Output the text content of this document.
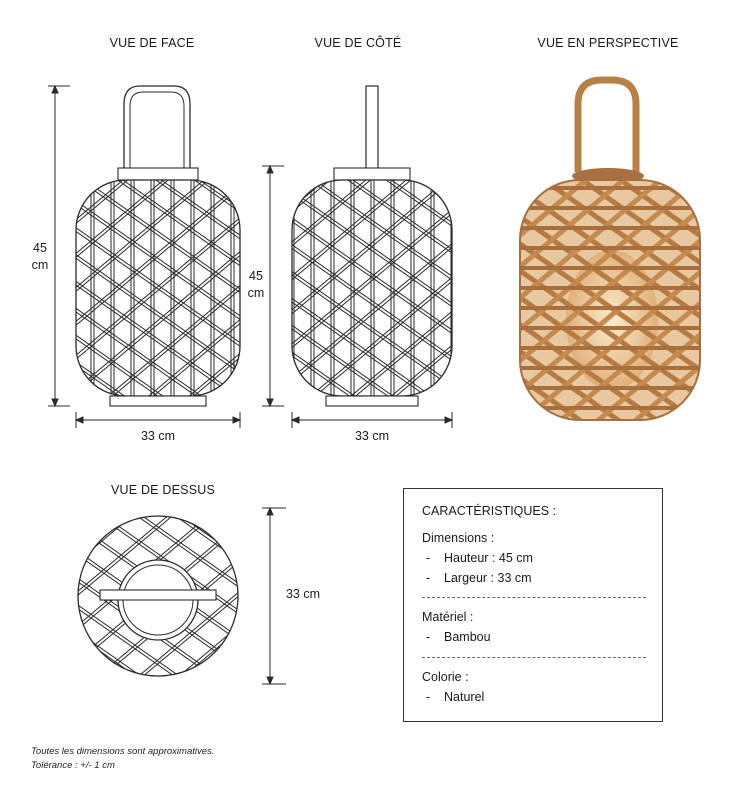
VUE DE FACE	VUE DE CÔTÉ	VUE EN PERSPECTIVE
VUE DE DESSUS
45
cm
45
cm
33 cm	33 cm
33 cm
CARACTÉRISTIQUES :
Dimensions :
- Hauteur : 45 cm
- Largeur : 33 cm
Matériel :
- Bambou
Colorie :
- Naturel
Toutes les dimensions sont approximatives.
Tolérance : +/- 1 cm
